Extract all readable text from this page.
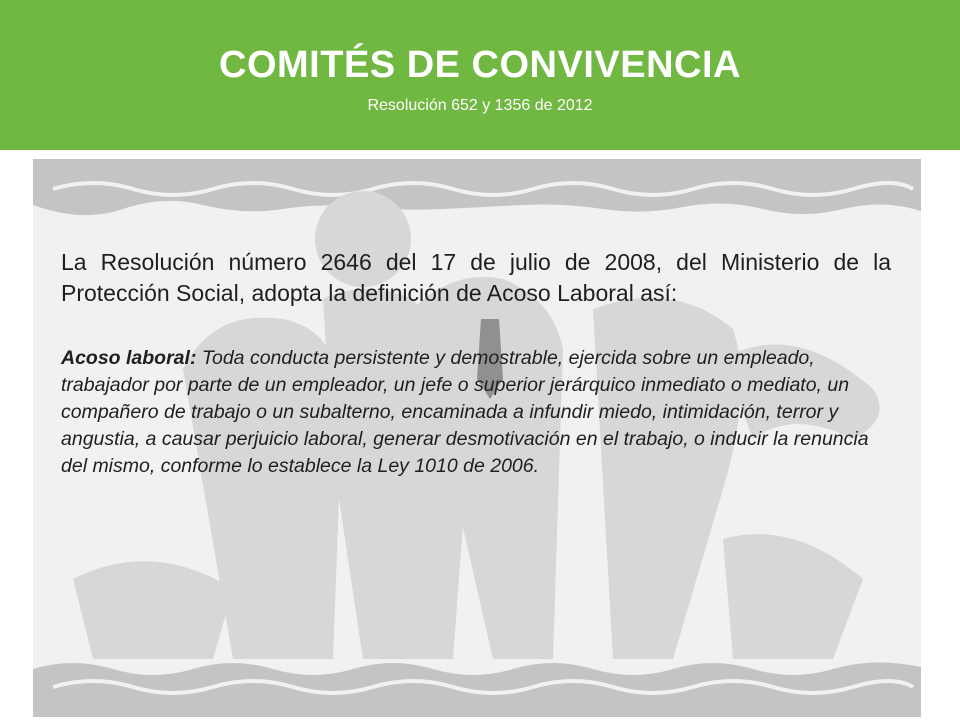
COMITÉS DE CONVIVENCIA
Resolución 652 y 1356 de 2012

La Resolución número 2646 del 17 de julio de 2008, del Ministerio de la Protección Social, adopta la definición de Acoso Laboral así:

Acoso laboral: Toda conducta persistente y demostrable, ejercida sobre un empleado, trabajador por parte de un empleador, un jefe o superior jerárquico inmediato o mediato, un compañero de trabajo o un subalterno, encaminada a infundir miedo, intimidación, terror y angustia, a causar perjuicio laboral, generar desmotivación en el trabajo, o inducir la renuncia del mismo, conforme lo establece la Ley 1010 de 2006.
